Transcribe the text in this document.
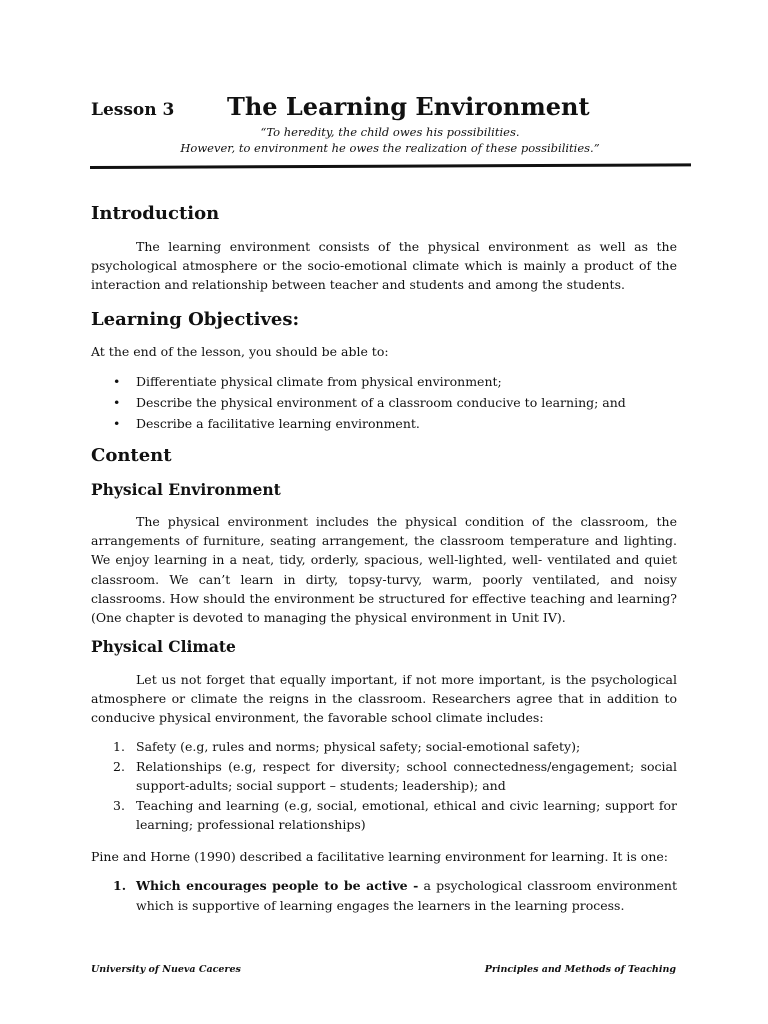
Lesson 3 The Learning Environment
“To heredity, the child owes his possibilities.
However, to environment he owes the realization of these possibilities.”
Introduction

The learning environment consists of the physical environment as well as the psychological atmosphere or the socio-emotional climate which is mainly a product of the interaction and relationship between teacher and students and among the students.

Learning Objectives:

At the end of the lesson, you should be able to:

• Differentiate physical climate from physical environment;
• Describe the physical environment of a classroom conducive to learning; and
• Describe a facilitative learning environment.
Content
Physical Environment

The physical environment includes the physical condition of the classroom, the arrangements of furniture, seating arrangement, the classroom temperature and lighting. We enjoy learning in a neat, tidy, orderly, spacious, well-lighted, well- ventilated and quiet classroom. We can’t learn in dirty, topsy-turvy, warm, poorly ventilated, and noisy classrooms. How should the environment be structured for effective teaching and learning? (One chapter is devoted to managing the physical environment in Unit IV).

Physical Climate

Let us not forget that equally important, if not more important, is the psychological atmosphere or climate the reigns in the classroom. Researchers agree that in addition to conducive physical environment, the favorable school climate includes:

1. Safety (e.g, rules and norms; physical safety; social-emotional safety);
2. Relationships (e.g, respect for diversity; school connectedness/engagement; social support-adults; social support – students; leadership); and
3. Teaching and learning (e.g, social, emotional, ethical and civic learning; support for learning; professional relationships)

Pine and Horne (1990) described a facilitative learning environment for learning. It is one:

1. Which encourages people to be active - a psychological classroom environment which is supportive of learning engages the learners in the learning process.
University of Nueva Caceres	Principles and Methods of Teaching
